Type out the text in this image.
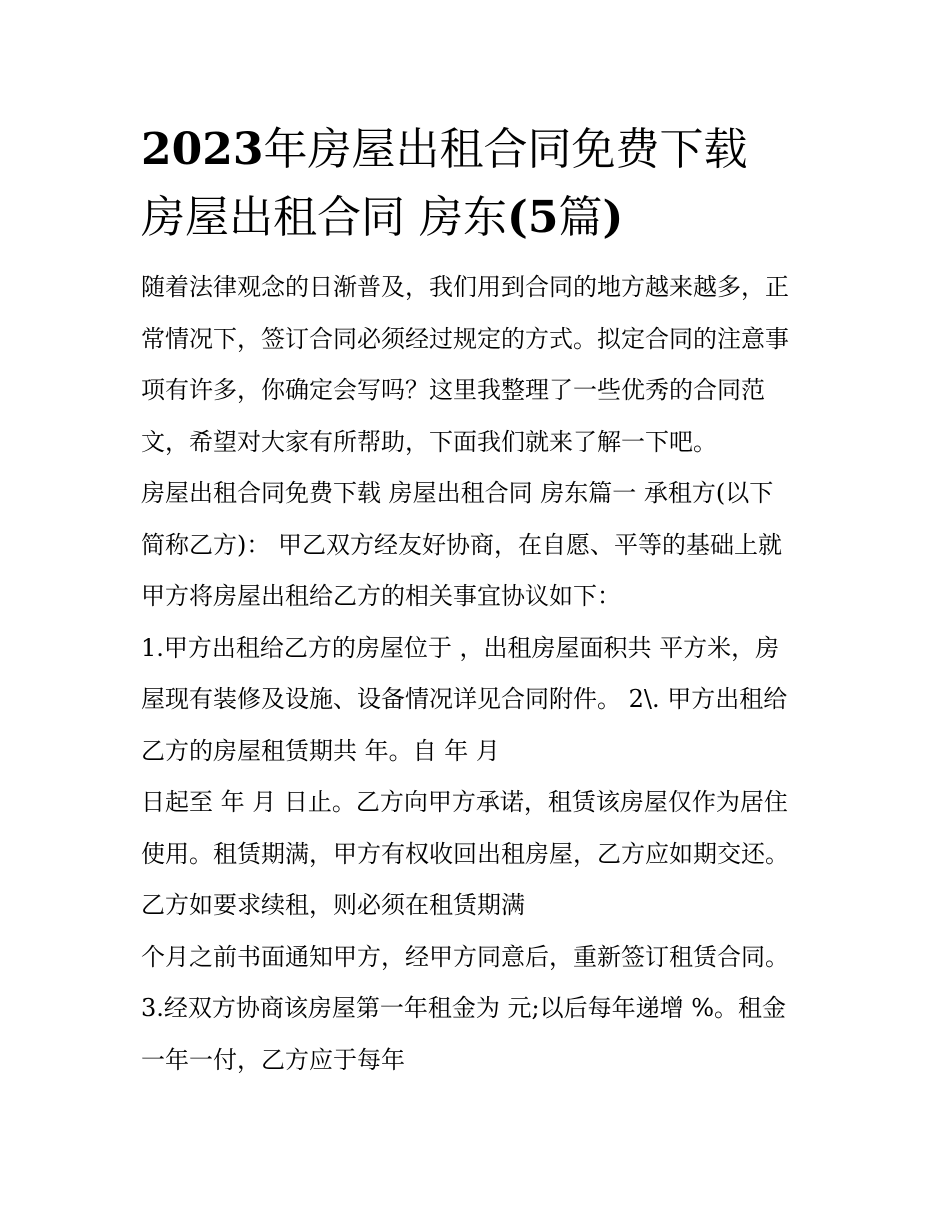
2023年房屋出租合同免费下载
房屋出租合同 房东(5篇)
随着法律观念的日渐普及，我们用到合同的地方越来越多，正
常情况下，签订合同必须经过规定的方式。拟定合同的注意事
项有许多，你确定会写吗？这里我整理了一些优秀的合同范
文，希望对大家有所帮助，下面我们就来了解一下吧。
房屋出租合同免费下载 房屋出租合同 房东篇一 承租方(以下
简称乙方)： 甲乙双方经友好协商，在自愿、平等的基础上就
甲方将房屋出租给乙方的相关事宜协议如下：
1.甲方出租给乙方的房屋位于 ，出租房屋面积共 平方米，房
屋现有装修及设施、设备情况详见合同附件。 2\. 甲方出租给
乙方的房屋租赁期共 年。自 年 月
日起至 年 月 日止。乙方向甲方承诺，租赁该房屋仅作为居住
使用。租赁期满，甲方有权收回出租房屋，乙方应如期交还。
乙方如要求续租，则必须在租赁期满
个月之前书面通知甲方，经甲方同意后，重新签订租赁合同。
3.经双方协商该房屋第一年租金为 元;以后每年递增 %。租金
一年一付，乙方应于每年
